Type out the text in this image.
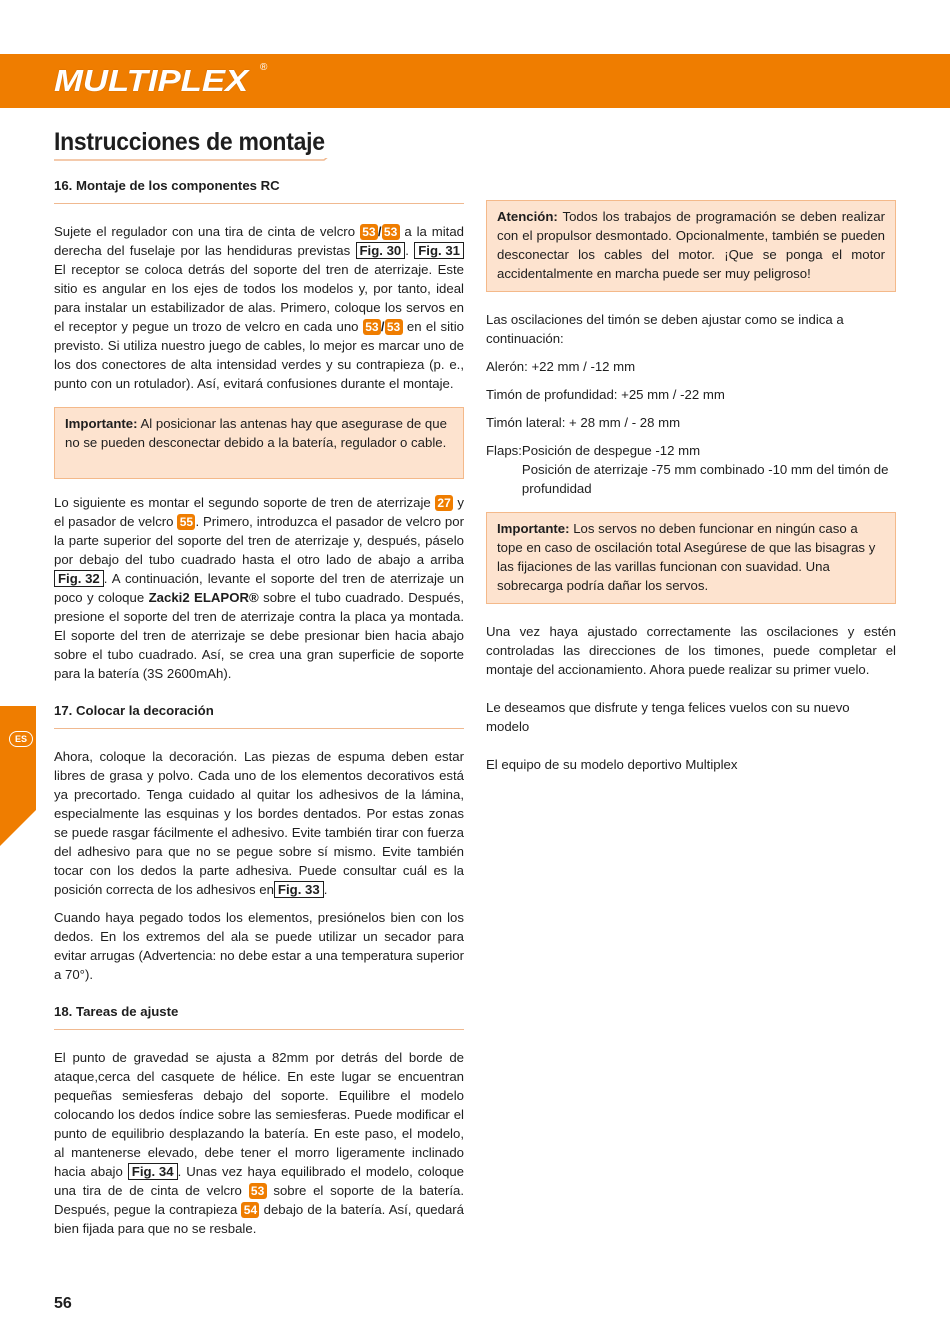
MULTIPLEX ®
Instrucciones de montaje
ES
16. Montaje de los componentes RC

Sujete el regulador con una tira de cinta de velcro 53 / 53 a la mitad derecha del fuselaje por las hendiduras previstas Fig. 30 . Fig. 31 El receptor se coloca detrás del soporte del tren de aterrizaje. Este sitio es angular en los ejes de todos los modelos y, por tanto, ideal para instalar un estabilizador de alas. Primero, coloque los servos en el receptor y pegue un trozo de velcro en cada uno 53 / 53 en el sitio previsto. Si utiliza nuestro juego de cables, lo mejor es marcar uno de los dos conectores de alta intensidad verdes y su contrapieza (p. e., punto con un rotulador). Así, evitará confusiones durante el montaje.

Importante: Al posicionar las antenas hay que asegurase de que no se pueden desconectar debido a la batería, regulador o cable.

Lo siguiente es montar el segundo soporte de tren de aterrizaje 27 y el pasador de velcro 55 . Primero, introduzca el pasador de velcro por la parte superior del soporte del tren de aterrizaje y, después, páselo por debajo del tubo cuadrado hasta el otro lado de abajo a arriba Fig. 32 . A continuación, levante el soporte del tren de aterrizaje un poco y coloque Zacki2 ELAPOR® sobre el tubo cuadrado. Después, presione el soporte del tren de aterrizaje contra la placa ya montada. El soporte del tren de aterrizaje se debe presionar bien hacia abajo sobre el tubo cuadrado. Así, se crea una gran superficie de soporte para la batería (3S 2600mAh).

17. Colocar la decoración

Ahora, coloque la decoración. Las piezas de espuma deben estar libres de grasa y polvo. Cada uno de los elementos decorativos está ya precortado. Tenga cuidado al quitar los adhesivos de la lámina, especialmente las esquinas y los bordes dentados. Por estas zonas se puede rasgar fácilmente el adhesivo. Evite también tirar con fuerza del adhesivo para que no se pegue sobre sí mismo. Evite también tocar con los dedos la parte adhesiva. Puede consultar cuál es la posición correcta de los adhesivos en Fig. 33 .

Cuando haya pegado todos los elementos, presiónelos bien con los dedos. En los extremos del ala se puede utilizar un secador para evitar arrugas (Advertencia: no debe estar a una temperatura superior a 70°).

18. Tareas de ajuste

El punto de gravedad se ajusta a 82mm por detrás del borde de ataque,cerca del casquete de hélice. En este lugar se encuentran pequeñas semiesferas debajo del soporte. Equilibre el modelo colocando los dedos índice sobre las semiesferas. Puede modificar el punto de equilibrio desplazando la batería. En este paso, el modelo, al mantenerse elevado, debe tener el morro ligeramente inclinado hacia abajo Fig. 34 . Unas vez haya equilibrado el modelo, coloque una tira de de cinta de velcro 53 sobre el soporte de la batería. Después, pegue la contrapieza 54 debajo de la batería. Así, quedará bien fijada para que no se resbale.

Atención: Todos los trabajos de programación se deben realizar con el propulsor desmontado. Opcionalmente, también se pueden desconectar los cables del motor. ¡Que se ponga el motor accidentalmente en marcha puede ser muy peligroso!

Las oscilaciones del timón se deben ajustar como se indica a continuación:

Alerón: +22 mm / -12 mm

Timón de profundidad: +25 mm / -22 mm

Timón lateral: + 28 mm / - 28 mm

Flaps: Posición de despegue -12 mm
Posición de aterrizaje -75 mm combinado -10 mm del timón de profundidad
Importante: Los servos no deben funcionar en ningún caso a tope en caso de oscilación total Asegúrese de que las bisagras y las fijaciones de las varillas funcionan con suavidad. Una sobrecarga podría dañar los servos.

Una vez haya ajustado correctamente las oscilaciones y estén controladas las direcciones de los timones, puede completar el montaje del accionamiento. Ahora puede realizar su primer vuelo.

Le deseamos que disfrute y tenga felices vuelos con su nuevo modelo

El equipo de su modelo deportivo Multiplex

56
